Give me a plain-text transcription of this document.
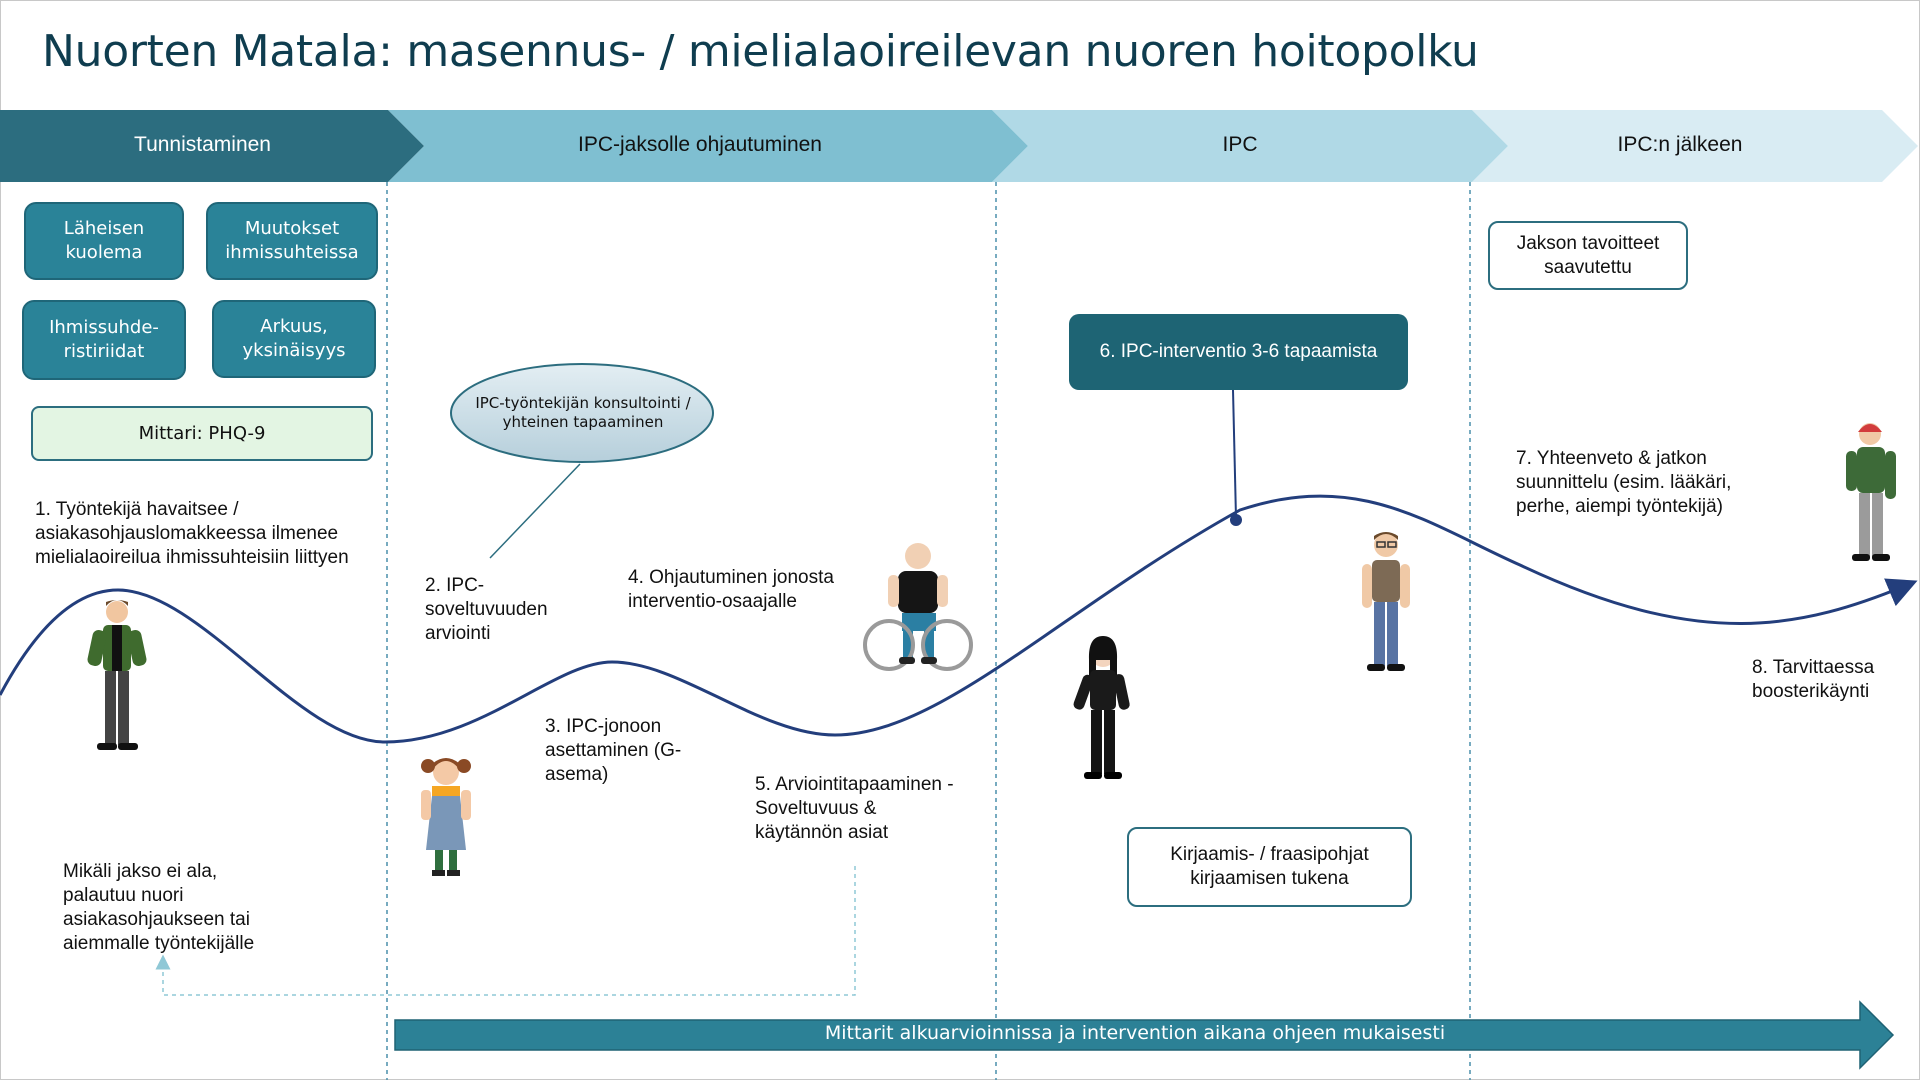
Nuorten Matala: masennus- / mielialaoireilevan nuoren hoitopolku
Tunnistaminen	IPC-jaksolle ohjautuminen	IPC	IPC:n jälkeen
Läheisen kuolema
Muutokset ihmissuhteissa
Ihmissuhde-ristiriidat
Arkuus, yksinäisyys
Mittari: PHQ-9
IPC-työntekijän konsultointi / yhteinen tapaaminen
6. IPC-interventio 3-6 tapaamista
Jakson tavoitteet saavutettu
Kirjaamis- / fraasipohjat kirjaamisen tukena
1. Työntekijä havaitsee / asiakasohjauslomakkeessa ilmenee mielialaoireilua ihmissuhteisiin liittyen
2. IPC-soveltuvuuden arviointi
3. IPC-jonoon asettaminen (G-asema)
4. Ohjautuminen jonosta interventio-osaajalle
5. Arviointitapaaminen - Soveltuvuus & käytännön asiat
7. Yhteenveto & jatkon suunnittelu (esim. lääkäri, perhe, aiempi työntekijä)
8. Tarvittaessa boosterikäynti
Mikäli jakso ei ala, palautuu nuori asiakasohjaukseen tai aiemmalle työntekijälle
Mittarit alkuarvioinnissa ja intervention aikana ohjeen mukaisesti
